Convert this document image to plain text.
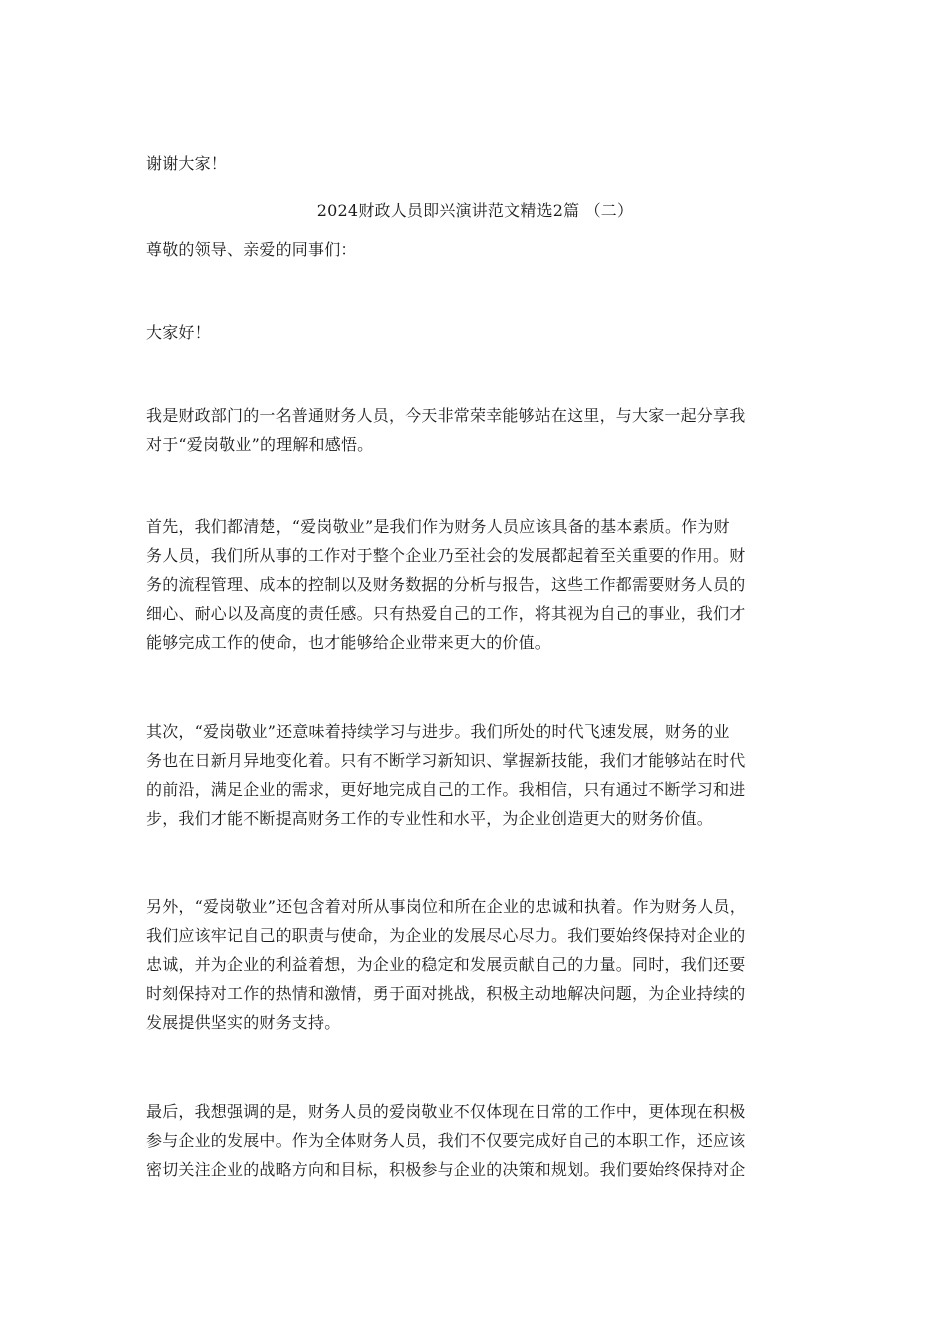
谢谢大家！
2024财政人员即兴演讲范文精选2篇 （二）
尊敬的领导、亲爱的同事们：
大家好！
我是财政部门的一名普通财务人员，今天非常荣幸能够站在这里，与大家一起分享我
对于“爱岗敬业”的理解和感悟。
首先，我们都清楚，“爱岗敬业”是我们作为财务人员应该具备的基本素质。作为财
务人员，我们所从事的工作对于整个企业乃至社会的发展都起着至关重要的作用。财
务的流程管理、成本的控制以及财务数据的分析与报告，这些工作都需要财务人员的
细心、耐心以及高度的责任感。只有热爱自己的工作，将其视为自己的事业，我们才
能够完成工作的使命，也才能够给企业带来更大的价值。
其次，“爱岗敬业”还意味着持续学习与进步。我们所处的时代飞速发展，财务的业
务也在日新月异地变化着。只有不断学习新知识、掌握新技能，我们才能够站在时代
的前沿，满足企业的需求，更好地完成自己的工作。我相信，只有通过不断学习和进
步，我们才能不断提高财务工作的专业性和水平，为企业创造更大的财务价值。
另外，“爱岗敬业”还包含着对所从事岗位和所在企业的忠诚和执着。作为财务人员，
我们应该牢记自己的职责与使命，为企业的发展尽心尽力。我们要始终保持对企业的
忠诚，并为企业的利益着想，为企业的稳定和发展贡献自己的力量。同时，我们还要
时刻保持对工作的热情和激情，勇于面对挑战，积极主动地解决问题，为企业持续的
发展提供坚实的财务支持。
最后，我想强调的是，财务人员的爱岗敬业不仅体现在日常的工作中，更体现在积极
参与企业的发展中。作为全体财务人员，我们不仅要完成好自己的本职工作，还应该
密切关注企业的战略方向和目标，积极参与企业的决策和规划。我们要始终保持对企
